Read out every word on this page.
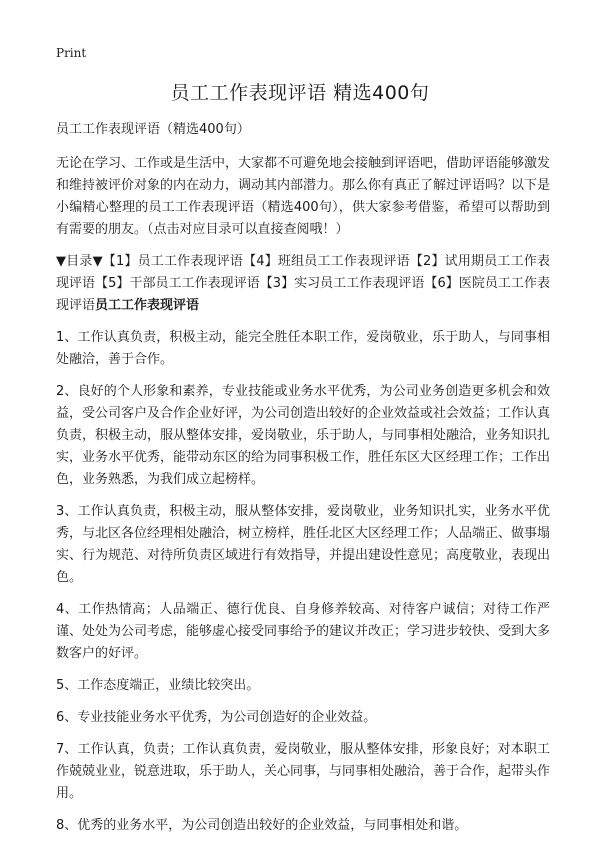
Print
员工工作表现评语 精选400句

员工工作表现评语（精选400句）

无论在学习、工作或是生活中，大家都不可避免地会接触到评语吧，借助评语能够激发和维持被评价对象的内在动力，调动其内部潜力。那么你有真正了解过评语吗？以下是小编精心整理的员工工作表现评语（精选400句），供大家参考借鉴，希望可以帮助到有需要的朋友。（点击对应目录可以直接查阅哦！）

▼目录▼【1】员工工作表现评语【4】班组员工工作表现评语【2】试用期员工工作表现评语【5】干部员工工作表现评语【3】实习员工工作表现评语【6】医院员工工作表现评语员工工作表现评语

1、工作认真负责，积极主动，能完全胜任本职工作，爱岗敬业，乐于助人，与同事相处融洽，善于合作。

2、良好的个人形象和素养，专业技能或业务水平优秀，为公司业务创造更多机会和效益，受公司客户及合作企业好评，为公司创造出较好的企业效益或社会效益；工作认真负责，积极主动，服从整体安排，爱岗敬业，乐于助人，与同事相处融洽，业务知识扎实，业务水平优秀，能带动东区的给为同事积极工作，胜任东区大区经理工作；工作出色，业务熟悉，为我们成立起榜样。

3、工作认真负责，积极主动，服从整体安排，爱岗敬业，业务知识扎实，业务水平优秀，与北区各位经理相处融洽，树立榜样，胜任北区大区经理工作；人品端正、做事塌实、行为规范、对待所负责区域进行有效指导，并提出建设性意见；高度敬业，表现出色。

4、工作热情高；人品端正、德行优良、自身修养较高、对待客户诚信；对待工作严谨、处处为公司考虑，能够虚心接受同事给予的建议并改正；学习进步较快、受到大多数客户的好评。

5、工作态度端正，业绩比较突出。

6、专业技能业务水平优秀，为公司创造好的企业效益。

7、工作认真，负责；工作认真负责，爱岗敬业，服从整体安排，形象良好；对本职工作兢兢业业，锐意进取，乐于助人，关心同事，与同事相处融洽，善于合作，起带头作用。

8、优秀的业务水平，为公司创造出较好的企业效益，与同事相处和谐。
